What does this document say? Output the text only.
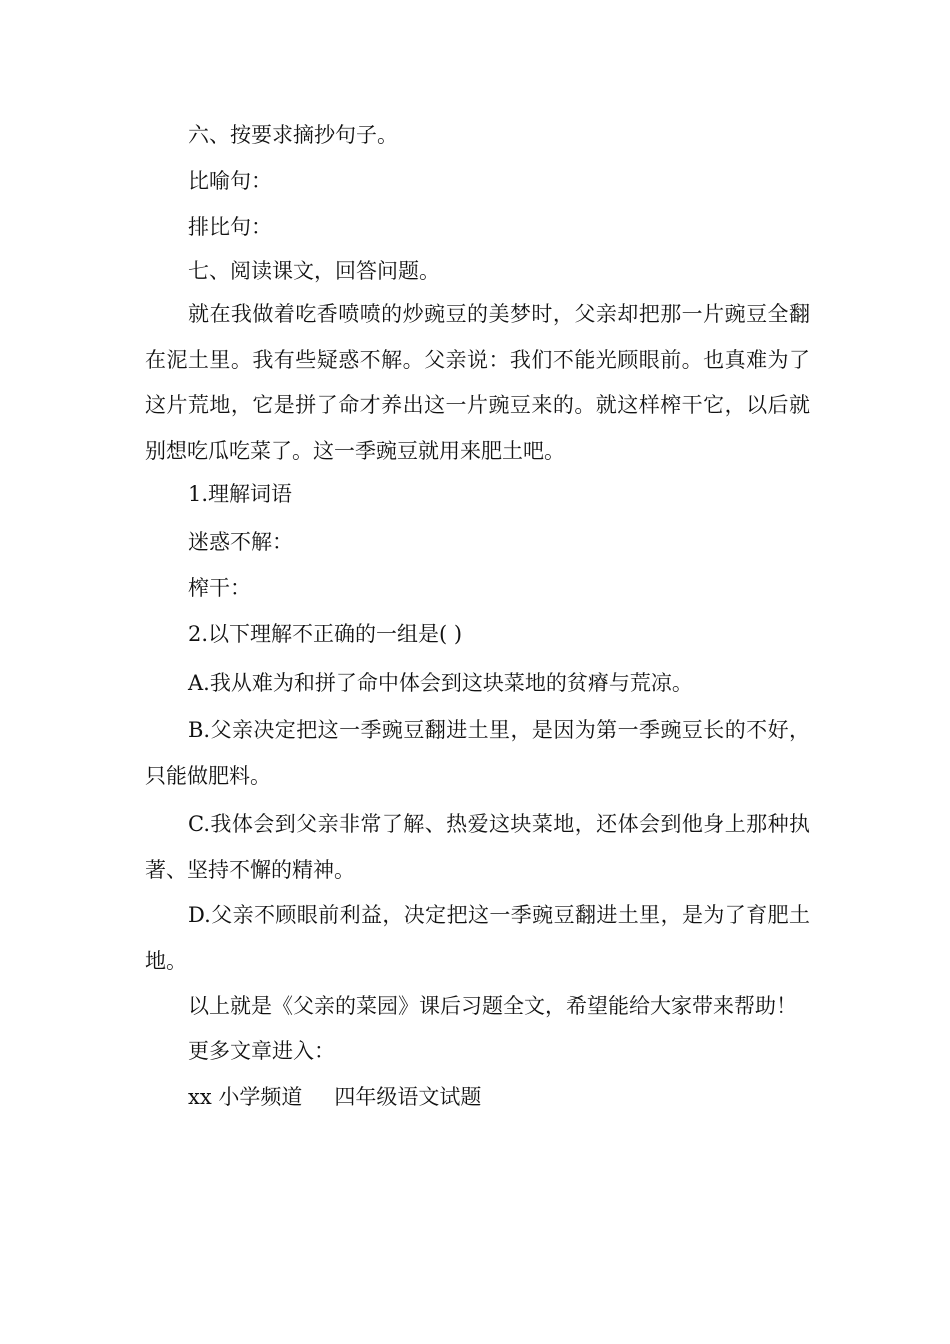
六、按要求摘抄句子。
比喻句：
排比句：
七、阅读课文，回答问题。
就在我做着吃香喷喷的炒豌豆的美梦时，父亲却把那一片豌豆全翻在泥土里。我有些疑惑不解。父亲说：我们不能光顾眼前。也真难为了这片荒地，它是拼了命才养出这一片豌豆来的。就这样榨干它，以后就别想吃瓜吃菜了。这一季豌豆就用来肥土吧。
1.理解词语
迷惑不解：
榨干：
2.以下理解不正确的一组是( )
A.我从难为和拼了命中体会到这块菜地的贫瘠与荒凉。
B.父亲决定把这一季豌豆翻进土里，是因为第一季豌豆长的不好，只能做肥料。
C.我体会到父亲非常了解、热爱这块菜地，还体会到他身上那种执著、坚持不懈的精神。
D.父亲不顾眼前利益，决定把这一季豌豆翻进土里，是为了育肥土地。
以上就是《父亲的菜园》课后习题全文，希望能给大家带来帮助！
更多文章进入：
xx 小学频道 四年级语文试题
